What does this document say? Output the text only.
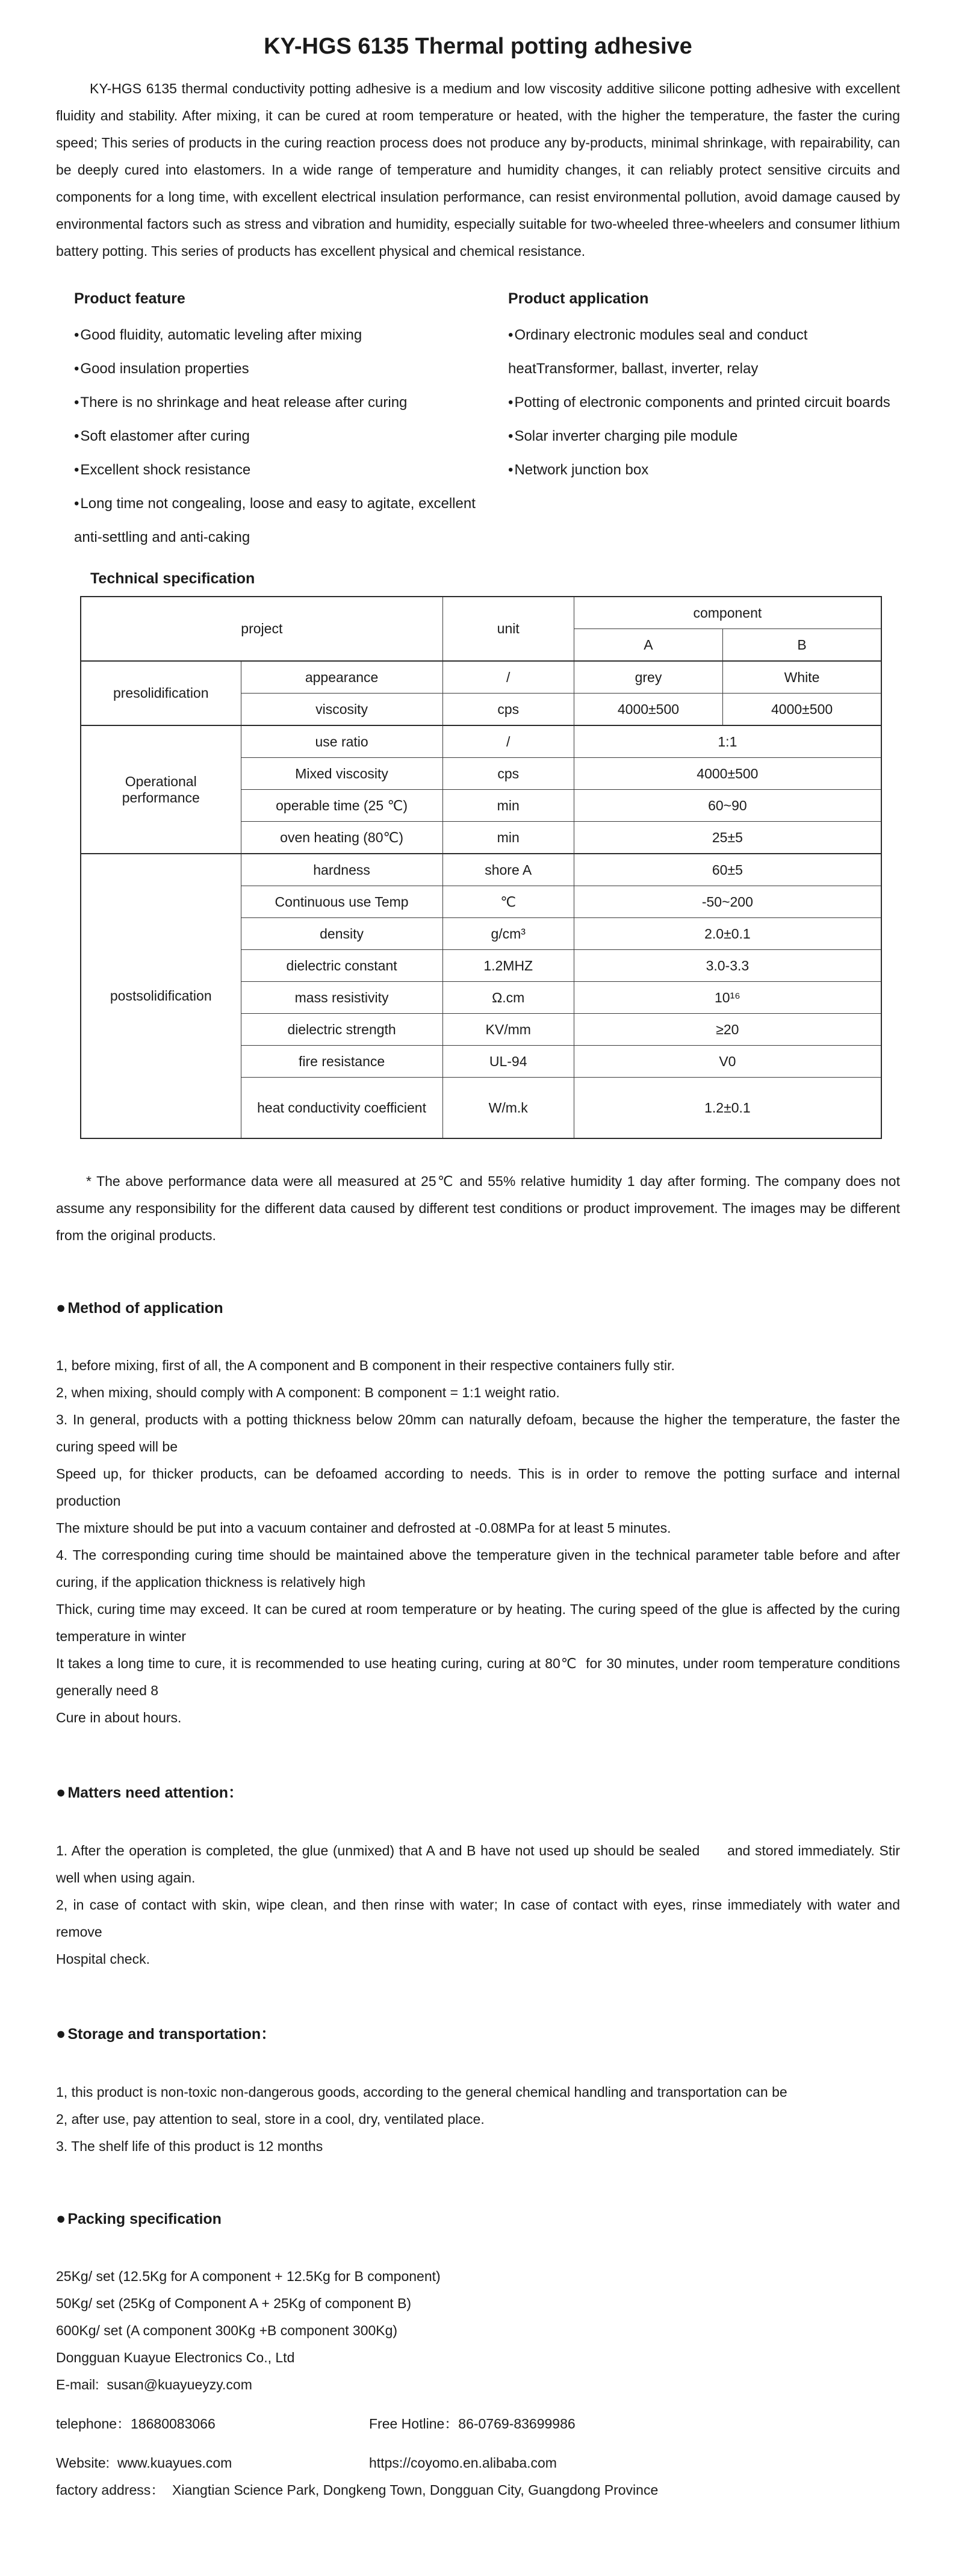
KY-HGS 6135 Thermal potting adhesive

KY-HGS 6135 thermal conductivity potting adhesive is a medium and low viscosity additive silicone potting adhesive with excellent fluidity and stability. After mixing, it can be cured at room temperature or heated, with the higher the temperature, the faster the curing speed; This series of products in the curing reaction process does not produce any by-products, minimal shrinkage, with repairability, can be deeply cured into elastomers. In a wide range of temperature and humidity changes, it can reliably protect sensitive circuits and components for a long time, with excellent electrical insulation performance, can resist environmental pollution, avoid damage caused by environmental factors such as stress and vibration and humidity, especially suitable for two-wheeled three-wheelers and consumer lithium battery potting. This series of products has excellent physical and chemical resistance.

Product feature
•Good fluidity, automatic leveling after mixing
•Good insulation properties
•There is no shrinkage and heat release after curing
•Soft elastomer after curing
•Excellent shock resistance
•Long time not congealing, loose and easy to agitate, excellent anti-settling and anti-caking
Product application
•Ordinary electronic modules seal and conduct heatTransformer, ballast, inverter, relay
•Potting of electronic components and printed circuit boards
•Solar inverter charging pile module
•Network junction box
Technical specification
project		unit	component	
			A	B
presolidification	appearance	/	grey	White
	viscosity	cps	4000±500	4000±500
Operational performance	use ratio	/	1:1	
	Mixed viscosity	cps	4000±500	
	operable time (25 ℃)	min	60~90	
	oven heating (80℃)	min	25±5	
postsolidification	hardness	shore A	60±5	
	Continuous use Temp	℃	-50~200	
	density	g/cm³	2.0±0.1	
	dielectric constant	1.2MHZ	3.0-3.3	
	mass resistivity	Ω.cm	10¹⁶	
	dielectric strength	KV/mm	≥20	
	fire resistance	UL-94	V0	
	heat conductivity coefficient	W/m.k	1.2±0.1	

* The above performance data were all measured at 25℃ and 55% relative humidity 1 day after forming. The company does not assume any responsibility for the different data caused by different test conditions or product improvement. The images may be different from the original products.

● Method of application

1, before mixing, first of all, the A component and B component in their respective containers fully stir.

2, when mixing, should comply with A component: B component = 1:1 weight ratio.

3. In general, products with a potting thickness below 20mm can naturally defoam, because the higher the temperature, the faster the curing speed will be

Speed up, for thicker products, can be defoamed according to needs. This is in order to remove the potting surface and internal production

The mixture should be put into a vacuum container and defrosted at -0.08MPa for at least 5 minutes.

4. The corresponding curing time should be maintained above the temperature given in the technical parameter table before and after curing, if the application thickness is relatively high

Thick, curing time may exceed. It can be cured at room temperature or by heating. The curing speed of the glue is affected by the curing temperature in winter

It takes a long time to cure, it is recommended to use heating curing, curing at 80℃  for 30 minutes, under room temperature conditions generally need 8

Cure in about hours.

● Matters need attention：

1. After the operation is completed, the glue (unmixed) that A and B have not used up should be sealed      and stored immediately. Stir well when using again.

2, in case of contact with skin, wipe clean, and then rinse with water; In case of contact with eyes, rinse immediately with water and remove

Hospital check.

● Storage and transportation：

1, this product is non-toxic non-dangerous goods, according to the general chemical handling and transportation can be

2, after use, pay attention to seal, store in a cool, dry, ventilated place.

3. The shelf life of this product is 12 months

● Packing specification

25Kg/ set (12.5Kg for A component + 12.5Kg for B component)

50Kg/ set (25Kg of Component A + 25Kg of component B)

600Kg/ set (A component 300Kg +B component 300Kg)

Dongguan Kuayue Electronics Co., Ltd

E-mail:  susan@kuayueyzy.com

telephone：18680083066	Free Hotline：86-0769-83699986

Website:  www.kuayues.com	https://coyomo.en.alibaba.com

factory address：  Xiangtian Science Park, Dongkeng Town, Dongguan City, Guangdong Province
